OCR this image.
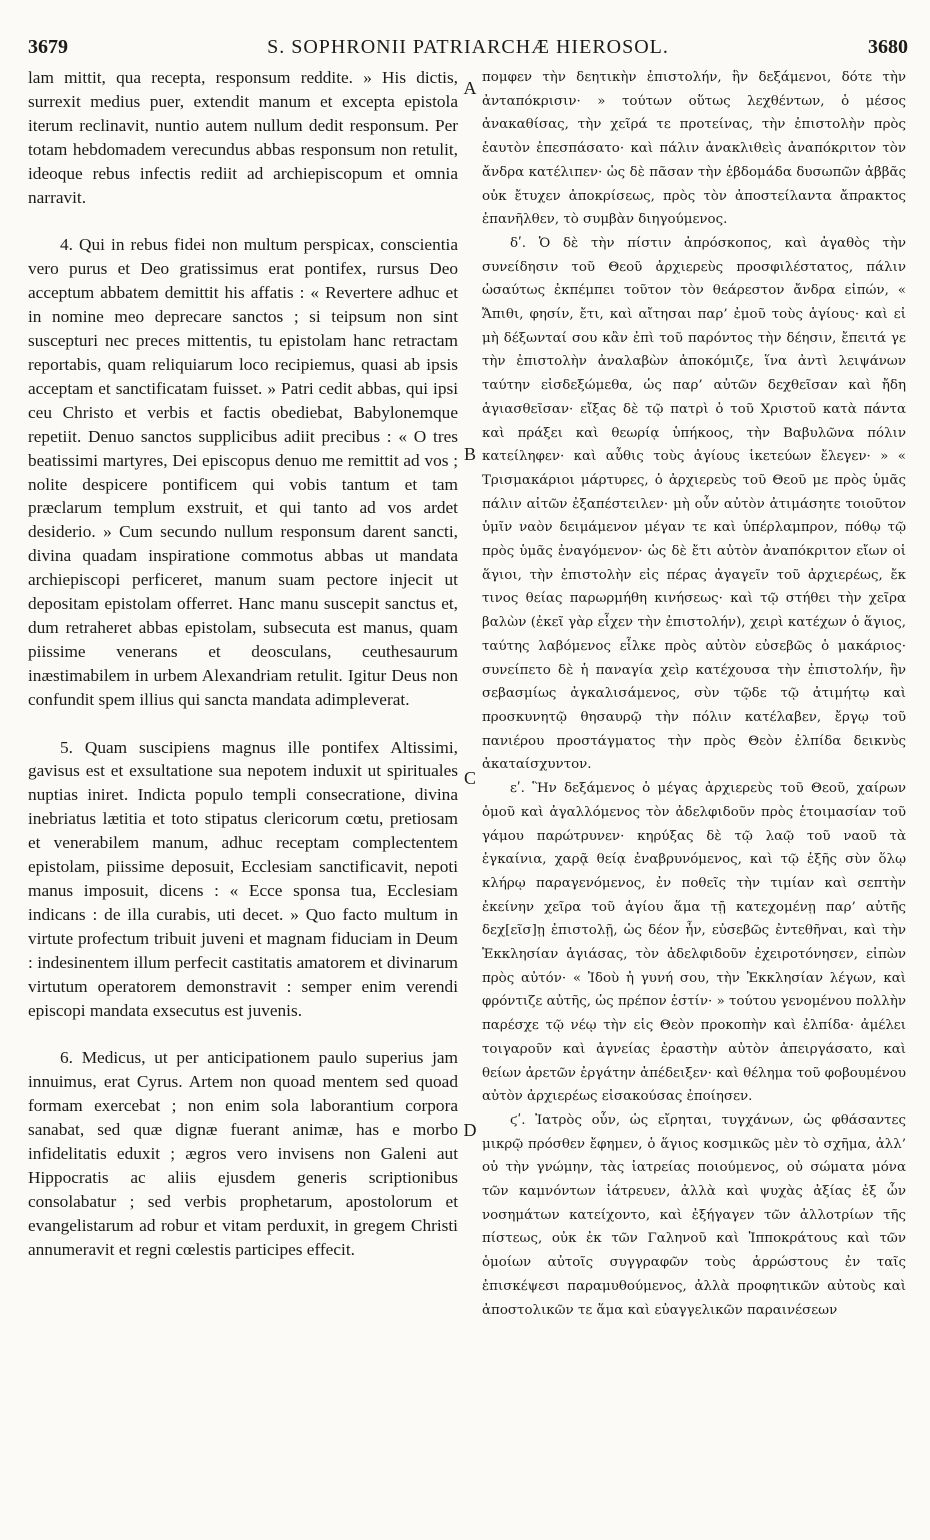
3679	S. SOPHRONII PATRIARCHÆ HIEROSOL.	3680

lam mittit, qua recepta, responsum reddite. » His dictis, surrexit medius puer, extendit manum et excepta epistola iterum reclinavit, nuntio autem nullum dedit responsum. Per totam hebdomadem verecundus abbas responsum non retulit, ideoque rebus infectis rediit ad archiepiscopum et omnia narravit.

4. Qui in rebus fidei non multum perspicax, conscientia vero purus et Deo gratissimus erat pontifex, rursus Deo acceptum abbatem demittit his affatis : « Revertere adhuc et in nomine meo deprecare sanctos ; si teipsum non sint suscepturi nec preces mittentis, tu epistolam hanc retractam reportabis, quam reliquiarum loco recipiemus, quasi ab ipsis acceptam et sanctificatam fuisset. » Patri cedit abbas, qui ipsi ceu Christo et verbis et factis obediebat, Babylonemque repetiit. Denuo sanctos supplicibus adiit precibus : « O tres beatissimi martyres, Dei episcopus denuo me remittit ad vos ; nolite despicere pontificem qui vobis tantum et tam præclarum templum exstruit, et qui tanto ad vos ardet desiderio. » Cum secundo nullum responsum darent sancti, divina quadam inspiratione commotus abbas ut mandata archiepiscopi perficeret, manum suam pectore injecit ut depositam epistolam offerret. Hanc manu suscepit sanctus et, dum retraheret abbas epistolam, subsecuta est manus, quam piissime venerans et deosculans, ceuthesaurum inæstimabilem in urbem Alexandriam retulit. Igitur Deus non confundit spem illius qui sancta mandata adimpleverat.

5. Quam suscipiens magnus ille pontifex Altissimi, gavisus est et exsultatione sua nepotem induxit ut spirituales nuptias iniret. Indicta populo templi consecratione, divina inebriatus lætitia et toto stipatus clericorum cœtu, pretiosam et venerabilem manum, adhuc receptam complectentem epistolam, piissime deposuit, Ecclesiam sanctificavit, nepoti manus imposuit, dicens : « Ecce sponsa tua, Ecclesiam indicans : de illa curabis, uti decet. » Quo facto multum in virtute profectum tribuit juveni et magnam fiduciam in Deum : indesinentem illum perfecit castitatis amatorem et divinarum virtutum operatorem demonstravit : semper enim verendi episcopi mandata exsecutus est juvenis.

6. Medicus, ut per anticipationem paulo superius jam innuimus, erat Cyrus. Artem non quoad mentem sed quoad formam exercebat ; non enim sola laborantium corpora sanabat, sed quæ dignæ fuerant animæ, has e morbo infidelitatis eduxit ; ægros vero invisens non Galeni aut Hippocratis ac aliis ejusdem generis scriptionibus consolabatur ; sed verbis prophetarum, apostolorum et evangelistarum ad robur et vitam perduxit, in gregem Christi annumeravit et regni cœlestis participes effecit.

A
B
C
D

πομφεν τὴν δεητικὴν ἐπιστολήν, ἣν δεξάμενοι, δότε τὴν ἀνταπόκρισιν· » τούτων οὕτως λεχθέντων, ὁ μέσος ἀνακαθίσας, τὴν χεῖρά τε προτείνας, τὴν ἐπιστολὴν πρὸς ἑαυτὸν ἐπεσπάσατο· καὶ πάλιν ἀνακλιθεὶς ἀναπόκριτον τὸν ἄνδρα κατέλιπεν· ὡς δὲ πᾶσαν τὴν ἑβδομάδα δυσωπῶν ἀββᾶς οὐκ ἔτυχεν ἀποκρίσεως, πρὸς τὸν ἀποστείλαντα ἄπρακτος ἐπανῆλθεν, τὸ συμβὰν διηγούμενος.

δʹ. Ὁ δὲ τὴν πίστιν ἀπρόσκοπος, καὶ ἀγαθὸς τὴν συνείδησιν τοῦ Θεοῦ ἀρχιερεὺς προσφιλέστατος, πάλιν ὡσαύτως ἐκπέμπει τοῦτον τὸν θεάρεστον ἄνδρα εἰπών, « Ἄπιθι, φησίν, ἔτι, καὶ αἴτησαι παρ’ ἐμοῦ τοὺς ἁγίους· καὶ εἰ μὴ δέξωνταί σου κἂν ἐπὶ τοῦ παρόντος τὴν δέησιν, ἔπειτά γε τὴν ἐπιστολὴν ἀναλαβὼν ἀποκόμιζε, ἵνα ἀντὶ λειψάνων ταύτην εἰσδεξώμεθα, ὡς παρ’ αὐτῶν δεχθεῖσαν καὶ ἤδη ἁγιασθεῖσαν· εἴξας δὲ τῷ πατρὶ ὁ τοῦ Χριστοῦ κατὰ πάντα καὶ πράξει καὶ θεωρίᾳ ὑπήκοος, τὴν Βαβυλῶνα πόλιν κατείληφεν· καὶ αὖθις τοὺς ἁγίους ἱκετεύων ἔλεγεν· » « Τρισμακάριοι μάρτυρες, ὁ ἀρχιερεὺς τοῦ Θεοῦ με πρὸς ὑμᾶς πάλιν αἰτῶν ἐξαπέστειλεν· μὴ οὖν αὐτὸν ἀτιμάσητε τοιοῦτον ὑμῖν ναὸν δειμάμενον μέγαν τε καὶ ὑπέρλαμπρον, πόθῳ τῷ πρὸς ὑμᾶς ἐναγόμενον· ὡς δὲ ἔτι αὐτὸν ἀναπόκριτον εἴων οἱ ἅγιοι, τὴν ἐπιστολὴν εἰς πέρας ἀγαγεῖν τοῦ ἀρχιερέως, ἔκ τινος θείας παρωρμήθη κινήσεως· καὶ τῷ στήθει τὴν χεῖρα βαλὼν (ἐκεῖ γὰρ εἶχεν τὴν ἐπιστολήν), χειρὶ κατέχων ὁ ἅγιος, ταύτης λαβόμενος εἷλκε πρὸς αὐτὸν εὐσεβῶς ὁ μακάριος· συνείπετο δὲ ἡ παναγία χεὶρ κατέχουσα τὴν ἐπιστολήν, ἣν σεβασμίως ἀγκαλισάμενος, σὺν τῷδε τῷ ἀτιμήτῳ καὶ προσκυνητῷ θησαυρῷ τὴν πόλιν κατέλαβεν, ἔργῳ τοῦ πανιέρου προστάγματος τὴν πρὸς Θεὸν ἐλπίδα δεικνὺς ἀκαταίσχυντον.

εʹ. Ἣν δεξάμενος ὁ μέγας ἀρχιερεὺς τοῦ Θεοῦ, χαίρων ὁμοῦ καὶ ἀγαλλόμενος τὸν ἀδελφιδοῦν πρὸς ἑτοιμασίαν τοῦ γάμου παρώτρυνεν· κηρύξας δὲ τῷ λαῷ τοῦ ναοῦ τὰ ἐγκαίνια, χαρᾷ θείᾳ ἐναβρυνόμενος, καὶ τῷ ἑξῆς σὺν ὅλῳ κλήρῳ παραγενόμενος, ἐν ποθεῖς τὴν τιμίαν καὶ σεπτὴν ἐκείνην χεῖρα τοῦ ἁγίου ἅμα τῇ κατεχομένῃ παρ’ αὐτῆς δεχ[εῖσ]ῃ ἐπιστολῇ, ὡς δέον ἦν, εὐσεβῶς ἐντεθῆναι, καὶ τὴν Ἐκκλησίαν ἁγιάσας, τὸν ἀδελφιδοῦν ἐχειροτόνησεν, εἰπὼν πρὸς αὐτόν· « Ἰδοὺ ἡ γυνή σου, τὴν Ἐκκλησίαν λέγων, καὶ φρόντιζε αὐτῆς, ὡς πρέπον ἐστίν· » τούτου γενομένου πολλὴν παρέσχε τῷ νέῳ τὴν εἰς Θεὸν προκοπὴν καὶ ἐλπίδα· ἀμέλει τοιγαροῦν καὶ ἁγνείας ἐραστὴν αὐτὸν ἀπειργάσατο, καὶ θείων ἀρετῶν ἐργάτην ἀπέδειξεν· καὶ θέλημα τοῦ φοβουμένου αὐτὸν ἀρχιερέως εἰσακούσας ἐποίησεν.

ϛʹ. Ἰατρὸς οὖν, ὡς εἴρηται, τυγχάνων, ὡς φθάσαντες μικρῷ πρόσθεν ἔφημεν, ὁ ἅγιος κοσμικῶς μὲν τὸ σχῆμα, ἀλλ’ οὐ τὴν γνώμην, τὰς ἰατρείας ποιούμενος, οὐ σώματα μόνα τῶν καμνόντων ἰάτρευεν, ἀλλὰ καὶ ψυχὰς ἀξίας ἐξ ὧν νοσημάτων κατείχοντο, καὶ ἐξήγαγεν τῶν ἀλλοτρίων τῆς πίστεως, οὐκ ἐκ τῶν Γαληνοῦ καὶ Ἱπποκράτους καὶ τῶν ὁμοίων αὐτοῖς συγγραφῶν τοὺς ἀρρώστους ἐν ταῖς ἐπισκέψεσι παραμυθούμενος, ἀλλὰ προφητικῶν αὐτοὺς καὶ ἀποστολικῶν τε ἅμα καὶ εὐαγγελικῶν παραινέσεων
